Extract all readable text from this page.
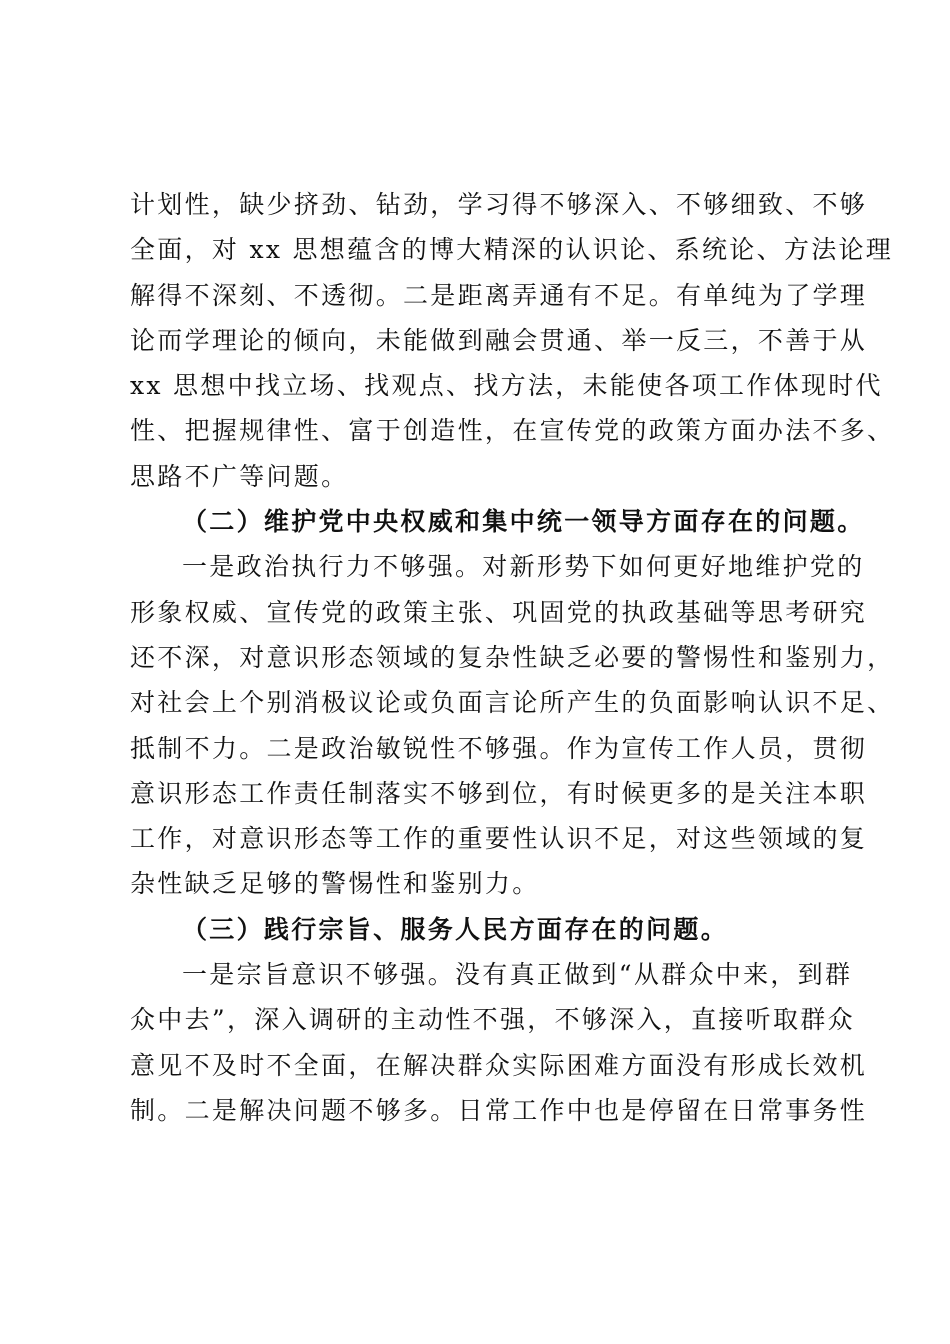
计划性，缺少挤劲、钻劲，学习得不够深入、不够细致、不够
全面，对 xx 思想蕴含的博大精深的认识论、系统论、方法论理
解得不深刻、不透彻。二是距离弄通有不足。有单纯为了学理
论而学理论的倾向，未能做到融会贯通、举一反三，不善于从
xx 思想中找立场、找观点、找方法，未能使各项工作体现时代
性、把握规律性、富于创造性，在宣传党的政策方面办法不多、
思路不广等问题。
（二）维护党中央权威和集中统一领导方面存在的问题。
一是政治执行力不够强。对新形势下如何更好地维护党的
形象权威、宣传党的政策主张、巩固党的执政基础等思考研究
还不深，对意识形态领域的复杂性缺乏必要的警惕性和鉴别力，
对社会上个别消极议论或负面言论所产生的负面影响认识不足、
抵制不力。二是政治敏锐性不够强。作为宣传工作人员，贯彻
意识形态工作责任制落实不够到位，有时候更多的是关注本职
工作，对意识形态等工作的重要性认识不足，对这些领域的复
杂性缺乏足够的警惕性和鉴别力。
（三）践行宗旨、服务人民方面存在的问题。
一是宗旨意识不够强。没有真正做到“从群众中来，到群
众中去”，深入调研的主动性不强，不够深入，直接听取群众
意见不及时不全面，在解决群众实际困难方面没有形成长效机
制。二是解决问题不够多。日常工作中也是停留在日常事务性
